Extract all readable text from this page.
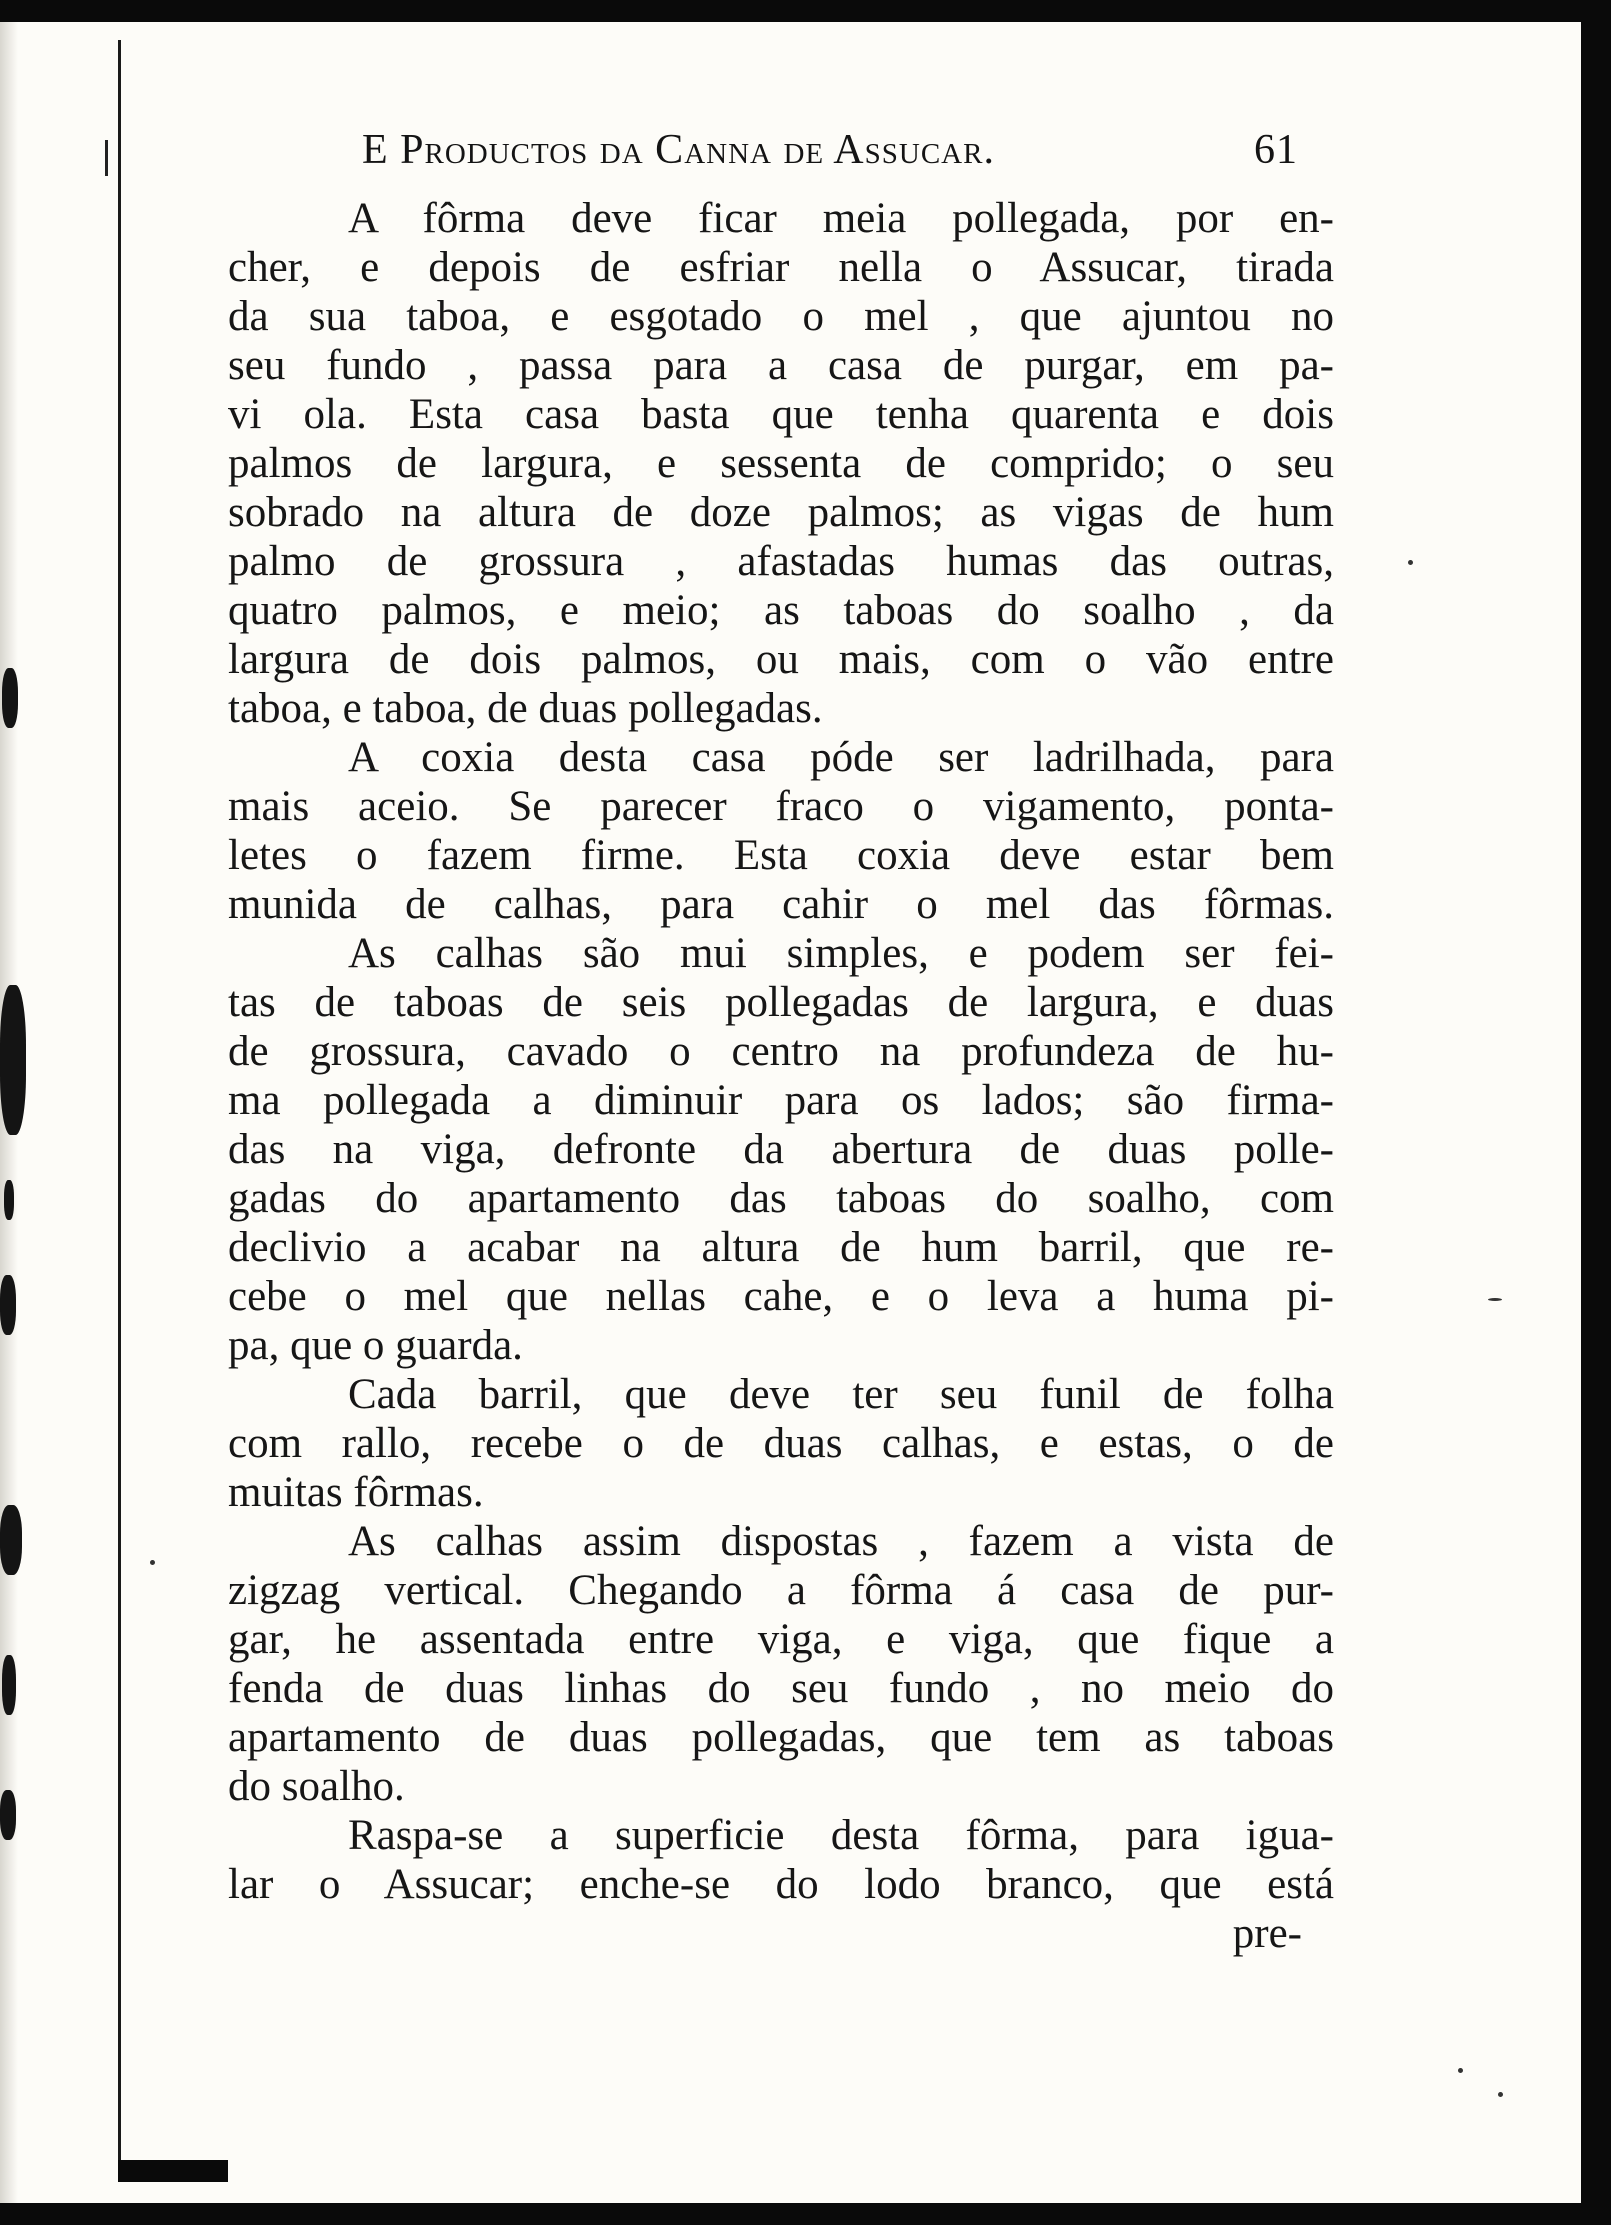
E Productos da Canna de Assucar.	61
A fôrma deve ficar meia pollegada, por en-
cher, e depois de esfriar nella o Assucar, tirada
da sua taboa, e esgotado o mel , que ajuntou no
seu fundo , passa para a casa de purgar, em pa-
vi ola. Esta casa basta que tenha quarenta e dois
palmos de largura, e sessenta de comprido; o seu
sobrado na altura de doze palmos; as vigas de hum
palmo de grossura , afastadas humas das outras,
quatro palmos, e meio; as taboas do soalho , da
largura de dois palmos, ou mais, com o vão entre
taboa, e taboa, de duas pollegadas.
A coxia desta casa póde ser ladrilhada, para
mais aceio. Se parecer fraco o vigamento, ponta-
letes o fazem firme. Esta coxia deve estar bem
munida de calhas, para cahir o mel das fôrmas.
As calhas são mui simples, e podem ser fei-
tas de taboas de seis pollegadas de largura, e duas
de grossura, cavado o centro na profundeza de hu-
ma pollegada a diminuir para os lados; são firma-
das na viga, defronte da abertura de duas polle-
gadas do apartamento das taboas do soalho, com
declivio a acabar na altura de hum barril, que re-
cebe o mel que nellas cahe, e o leva a huma pi-
pa, que o guarda.
Cada barril, que deve ter seu funil de folha
com rallo, recebe o de duas calhas, e estas, o de
muitas fôrmas.
As calhas assim dispostas , fazem a vista de
zigzag vertical. Chegando a fôrma á casa de pur-
gar, he assentada entre viga, e viga, que fique a
fenda de duas linhas do seu fundo , no meio do
apartamento de duas pollegadas, que tem as taboas
do soalho.
Raspa-se a superficie desta fôrma, para igua-
lar o Assucar; enche-se do lodo branco, que está
pre-
